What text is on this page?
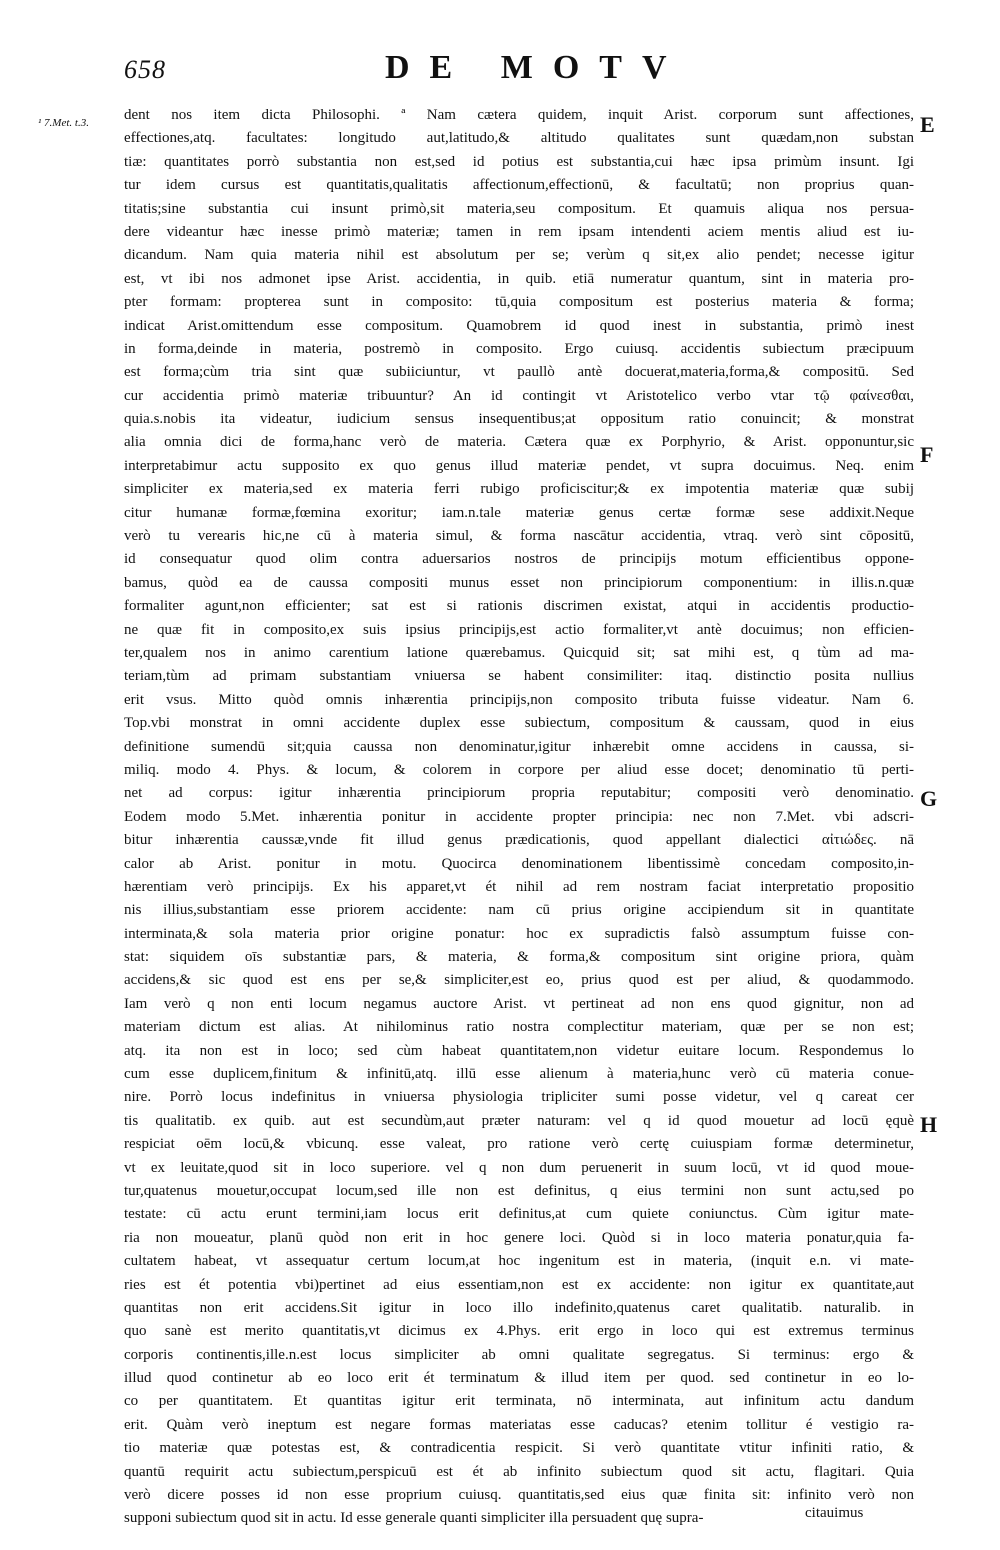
658	DE MOTV
¹ 7.Met. t.3.	dent nos item dicta Philosophi. ª Nam cætera quidem, inquit Arist. corporum sunt affectiones,
effectiones,atq. facultates: longitudo aut,latitudo,& altitudo qualitates sunt quædam,non substan
tiæ: quantitates porrò substantia non est,sed id potius est substantia,cui hæc ipsa primùm insunt. Igi
tur idem cursus est quantitatis,qualitatis affectionum,effectionū, & facultatū; non proprius quan-
titatis;sine substantia cui insunt primò,sit materia,seu compositum. Et quamuis aliqua nos persua-
dere videantur hæc inesse primò materiæ; tamen in rem ipsam intendenti aciem mentis aliud est iu-
dicandum. Nam quia materia nihil est absolutum per se; verùm q sit,ex alio pendet; necesse igitur
est, vt ibi nos admonet ipse Arist. accidentia, in quib. etiā numeratur quantum, sint in materia pro-
pter formam: propterea sunt in composito: tū,quia compositum est posterius materia & forma;
indicat Arist.omittendum esse compositum. Quamobrem id quod inest in substantia, primò inest
in forma,deinde in materia, postremò in composito. Ergo cuiusq. accidentis subiectum præcipuum
est forma;cùm tria sint quæ subiiciuntur, vt paullò antè docuerat,materia,forma,& compositū. Sed
cur accidentia primò materiæ tribuuntur? An id contingit vt Aristotelico verbo vtar τῷ φαίνεσθαι,
quia.s.nobis ita videatur, iudicium sensus insequentibus;at oppositum ratio conuincit; & monstrat
alia omnia dici de forma,hanc verò de materia. Cætera quæ ex Porphyrio, & Arist. opponuntur,sic
interpretabimur actu supposito ex quo genus illud materiæ pendet, vt supra docuimus. Neq. enim
simpliciter ex materia,sed ex materia ferri rubigo proficiscitur;& ex impotentia materiæ quæ subij
citur humanæ formæ,fœmina exoritur; iam.n.tale materiæ genus certæ formæ sese addixit.Neque
verò tu verearis hic,ne cū à materia simul, & forma nascātur accidentia, vtraq. verò sint cōpositū,
id consequatur quod olim contra aduersarios nostros de principijs motum efficientibus oppone-
bamus, quòd ea de caussa compositi munus esset non principiorum componentium: in illis.n.quæ
formaliter agunt,non efficienter; sat est si rationis discrimen existat, atqui in accidentis productio-
ne quæ fit in composito,ex suis ipsius principijs,est actio formaliter,vt antè docuimus; non efficien-
ter,qualem nos in animo carentium latione quærebamus. Quicquid sit; sat mihi est, q tùm ad ma-
teriam,tùm ad primam substantiam vniuersa se habent consimiliter: itaq. distinctio posita nullius
erit vsus. Mitto quòd omnis inhærentia principijs,non composito tributa fuisse videatur. Nam 6.
Top.vbi monstrat in omni accidente duplex esse subiectum, compositum & caussam, quod in eius
definitione sumendū sit;quia caussa non denominatur,igitur inhærebit omne accidens in caussa, si-
miliq. modo 4. Phys. & locum, & colorem in corpore per aliud esse docet; denominatio tū perti-
net ad corpus: igitur inhærentia principiorum propria reputabitur; compositi verò denominatio.
Eodem modo 5.Met. inhærentia ponitur in accidente propter principia: nec non 7.Met. vbi adscri-
bitur inhærentia caussæ,vnde fit illud genus prædicationis, quod appellant dialectici αἰτιώδες. nā
calor ab Arist. ponitur in motu. Quocirca denominationem libentissimè concedam composito,in-
hærentiam verò principijs. Ex his apparet,vt ét nihil ad rem nostram faciat interpretatio propositio
nis illius,substantiam esse priorem accidente: nam cū prius origine accipiendum sit in quantitate
interminata,& sola materia prior origine ponatur: hoc ex supradictis falsò assumptum fuisse con-
stat: siquidem oīs substantiæ pars, & materia, & forma,& compositum sint origine priora, quàm
accidens,& sic quod est ens per se,& simpliciter,est eo, prius quod est per aliud, & quodammodo.
Iam verò q non enti locum negamus auctore Arist. vt pertineat ad non ens quod gignitur, non ad
materiam dictum est alias. At nihilominus ratio nostra complectitur materiam, quæ per se non est;
atq. ita non est in loco; sed cùm habeat quantitatem,non videtur euitare locum. Respondemus lo
cum esse duplicem,finitum & infinitū,atq. illū esse alienum à materia,hunc verò cū materia conue-
nire. Porrò locus indefinitus in vniuersa physiologia tripliciter sumi posse videtur, vel q careat cer
tis qualitatib. ex quib. aut est secundùm,aut præter naturam: vel q id quod mouetur ad locū ęquè
respiciat oēm locū,& vbicunq. esse valeat, pro ratione verò certę cuiuspiam formæ determinetur,
vt ex leuitate,quod sit in loco superiore. vel q non dum peruenerit in suum locū, vt id quod moue-
tur,quatenus mouetur,occupat locum,sed ille non est definitus, q eius termini non sunt actu,sed po
testate: cū actu erunt termini,iam locus erit definitus,at cum quiete coniunctus. Cùm igitur mate-
ria non moueatur, planū quòd non erit in hoc genere loci. Quòd si in loco materia ponatur,quia fa-
cultatem habeat, vt assequatur certum locum,at hoc ingenitum est in materia, (inquit e.n. vi mate-
ries est ét potentia vbi)pertinet ad eius essentiam,non est ex accidente: non igitur ex quantitate,aut
quantitas non erit accidens.Sit igitur in loco illo indefinito,quatenus caret qualitatib. naturalib. in
quo sanè est merito quantitatis,vt dicimus ex 4.Phys. erit ergo in loco qui est extremus terminus
corporis continentis,ille.n.est locus simpliciter ab omni qualitate segregatus. Si terminus: ergo &
illud quod continetur ab eo loco erit ét terminatum & illud item per quod. sed continetur in eo lo-
co per quantitatem. Et quantitas igitur erit terminata, nō interminata, aut infinitum actu dandum
erit. Quàm verò ineptum est negare formas materiatas esse caducas? etenim tollitur é vestigio ra-
tio materiæ quæ potestas est, & contradicentia respicit. Si verò quantitate vtitur infiniti ratio, &
quantū requirit actu subiectum,perspicuū est ét ab infinito subiectum quod sit actu, flagitari. Quia
verò dicere posses id non esse proprium cuiusq. quantitatis,sed eius quæ finita sit: infinito verò non
supponi subiectum quod sit in actu. Id esse generale quanti simpliciter illa persuadent quę supra-
E
F
G
H
citauimus
